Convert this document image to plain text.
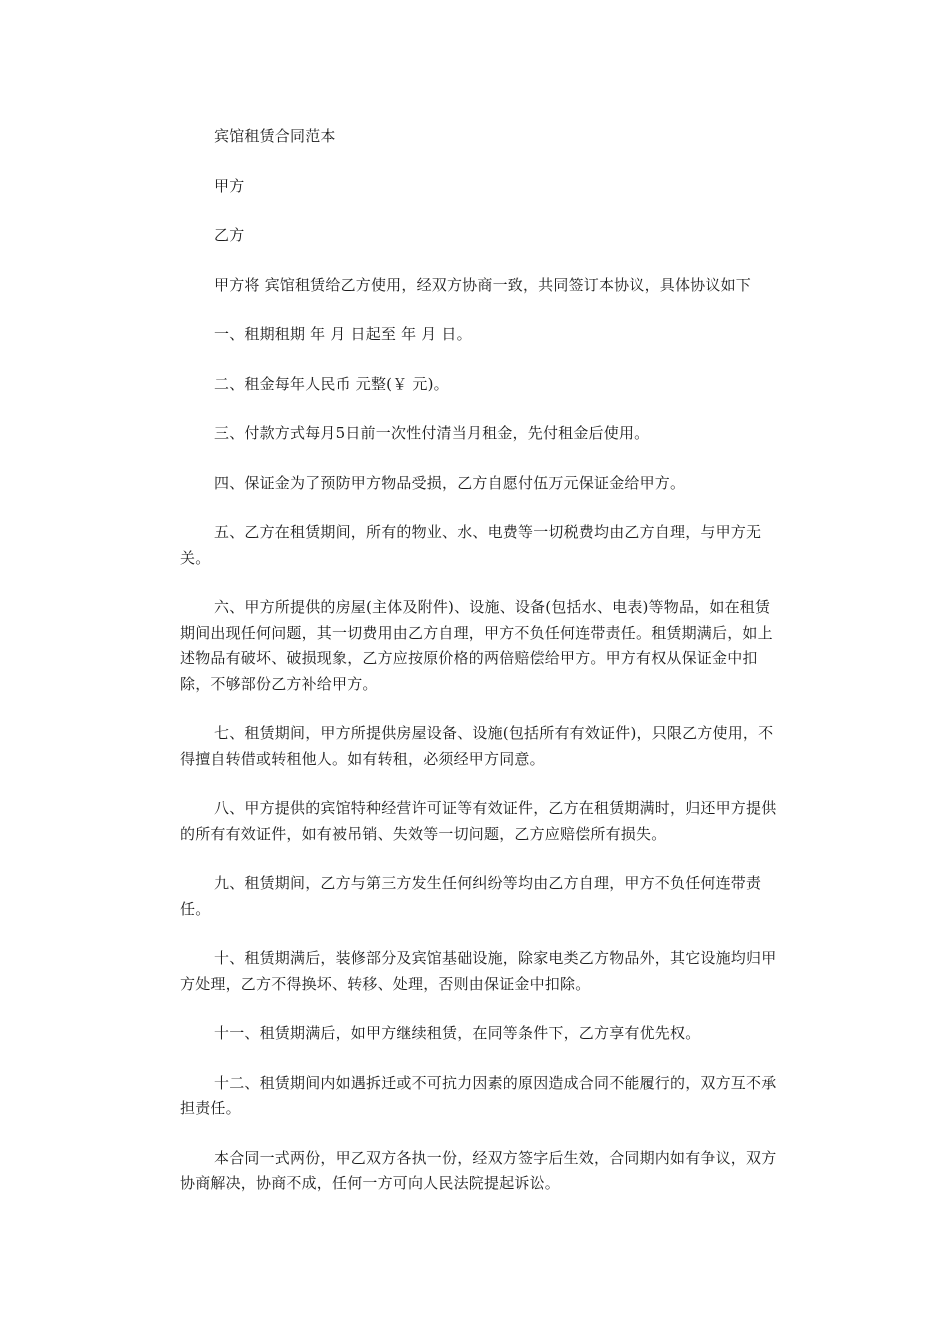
宾馆租赁合同范本

甲方

乙方

甲方将 宾馆租赁给乙方使用，经双方协商一致，共同签订本协议，具体协议如下

一、租期租期 年 月 日起至 年 月 日。

二、租金每年人民币 元整(￥ 元)。

三、付款方式每月5日前一次性付清当月租金，先付租金后使用。

四、保证金为了预防甲方物品受损，乙方自愿付伍万元保证金给甲方。

五、乙方在租赁期间，所有的物业、水、电费等一切税费均由乙方自理，与甲方无关。

六、甲方所提供的房屋(主体及附件)、设施、设备(包括水、电表)等物品，如在租赁期间出现任何问题，其一切费用由乙方自理，甲方不负任何连带责任。租赁期满后，如上述物品有破坏、破损现象，乙方应按原价格的两倍赔偿给甲方。甲方有权从保证金中扣除，不够部份乙方补给甲方。

七、租赁期间，甲方所提供房屋设备、设施(包括所有有效证件)，只限乙方使用，不得擅自转借或转租他人。如有转租，必须经甲方同意。

八、甲方提供的宾馆特种经营许可证等有效证件，乙方在租赁期满时，归还甲方提供的所有有效证件，如有被吊销、失效等一切问题，乙方应赔偿所有损失。

九、租赁期间，乙方与第三方发生任何纠纷等均由乙方自理，甲方不负任何连带责任。

十、租赁期满后，装修部分及宾馆基础设施，除家电类乙方物品外，其它设施均归甲方处理，乙方不得换坏、转移、处理，否则由保证金中扣除。

十一、租赁期满后，如甲方继续租赁，在同等条件下，乙方享有优先权。

十二、租赁期间内如遇拆迁或不可抗力因素的原因造成合同不能履行的，双方互不承担责任。

本合同一式两份，甲乙双方各执一份，经双方签字后生效，合同期内如有争议，双方协商解决，协商不成，任何一方可向人民法院提起诉讼。
